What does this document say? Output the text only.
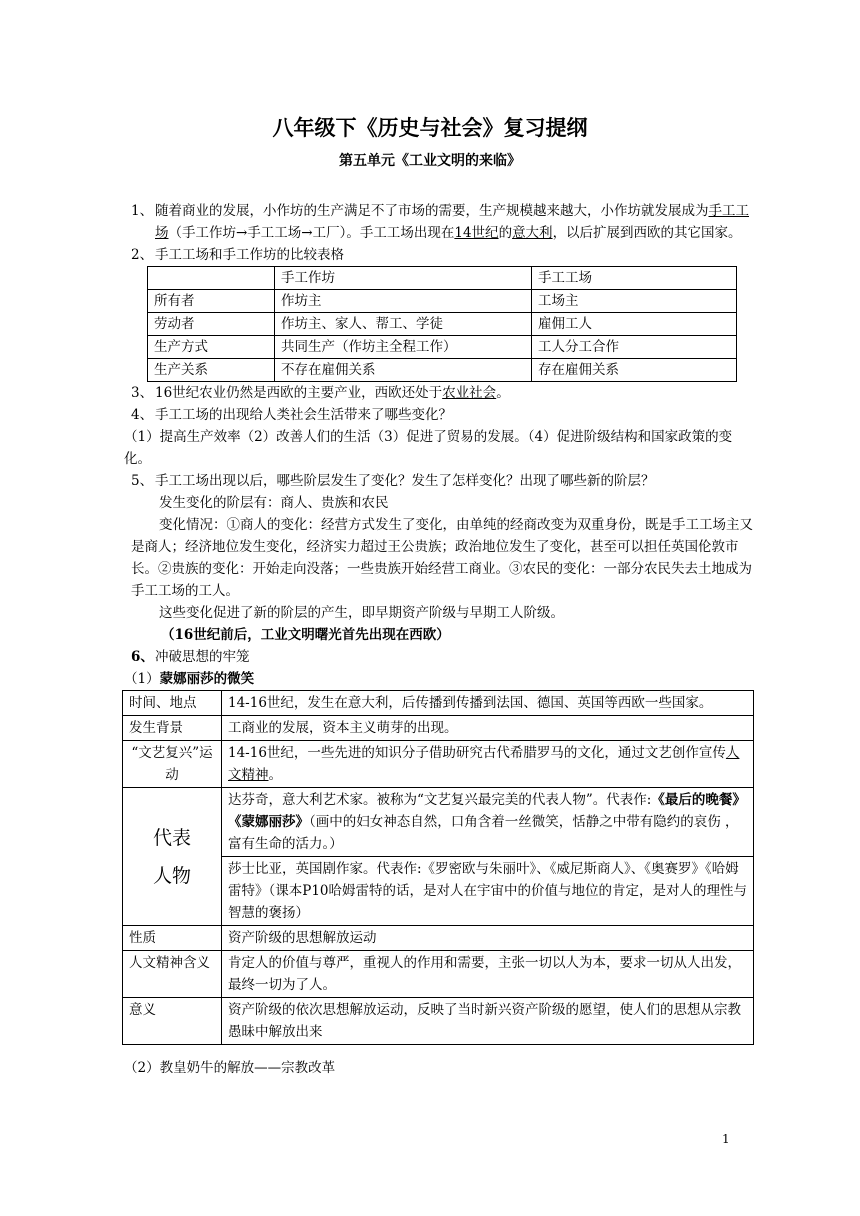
八年级下《历史与社会》复习提纲
第五单元《工业文明的来临》

1、 随着商业的发展，小作坊的生产满足不了市场的需要，生产规模越来越大，小作坊就发展成为手工工场（手工作坊→手工工场→工厂）。手工工场出现在14世纪的意大利，以后扩展到西欧的其它国家。

2、 手工工场和手工作坊的比较表格

	手工作坊	手工工场
所有者	作坊主	工场主
劳动者	作坊主、家人、帮工、学徒	雇佣工人
生产方式	共同生产（作坊主全程工作）	工人分工合作
生产关系	不存在雇佣关系	存在雇佣关系

3、 16世纪农业仍然是西欧的主要产业，西欧还处于农业社会。

4、 手工工场的出现给人类社会生活带来了哪些变化？

（1）提高生产效率（2）改善人们的生活（3）促进了贸易的发展。（4）促进阶级结构和国家政策的变化。

5、 手工工场出现以后，哪些阶层发生了变化？发生了怎样变化？出现了哪些新的阶层？

发生变化的阶层有：商人、贵族和农民

变化情况：①商人的变化：经营方式发生了变化，由单纯的经商改变为双重身份，既是手工工场主又是商人；经济地位发生变化，经济实力超过王公贵族；政治地位发生了变化，甚至可以担任英国伦敦市长。②贵族的变化：开始走向没落；一些贵族开始经营工商业。③农民的变化：一部分农民失去土地成为手工工场的工人。

这些变化促进了新的阶层的产生，即早期资产阶级与早期工人阶级。

（16世纪前后，工业文明曙光首先出现在西欧）

6、冲破思想的牢笼

（1）蒙娜丽莎的微笑

时间、地点	14-16世纪，发生在意大利，后传播到传播到法国、德国、英国等西欧一些国家。
发生背景	工商业的发展，资本主义萌芽的出现。
“文艺复兴”运动	14-16世纪，一些先进的知识分子借助研究古代希腊罗马的文化，通过文艺创作宣传人文精神。

代表
人物	达芬奇，意大利艺术家。被称为“文艺复兴最完美的代表人物”。代表作:《最后的晚餐》《蒙娜丽莎》（画中的妇女神态自然，口角含着一丝微笑，恬静之中带有隐约的哀伤 ，富有生命的活力。）
	莎士比亚，英国剧作家。代表作:《罗密欧与朱丽叶》、《威尼斯商人》、《奥赛罗》《哈姆雷特》（课本P10哈姆雷特的话，是对人在宇宙中的价值与地位的肯定，是对人的理性与 智慧的褒扬）
性质	资产阶级的思想解放运动
人文精神含义	肯定人的价值与尊严，重视人的作用和需要，主张一切以人为本，要求一切从人出发，最终一切为了人。
意义	资产阶级的依次思想解放运动，反映了当时新兴资产阶级的愿望，使人们的思想从宗教愚昧中解放出来

（2）教皇奶牛的解放——宗教改革

1
